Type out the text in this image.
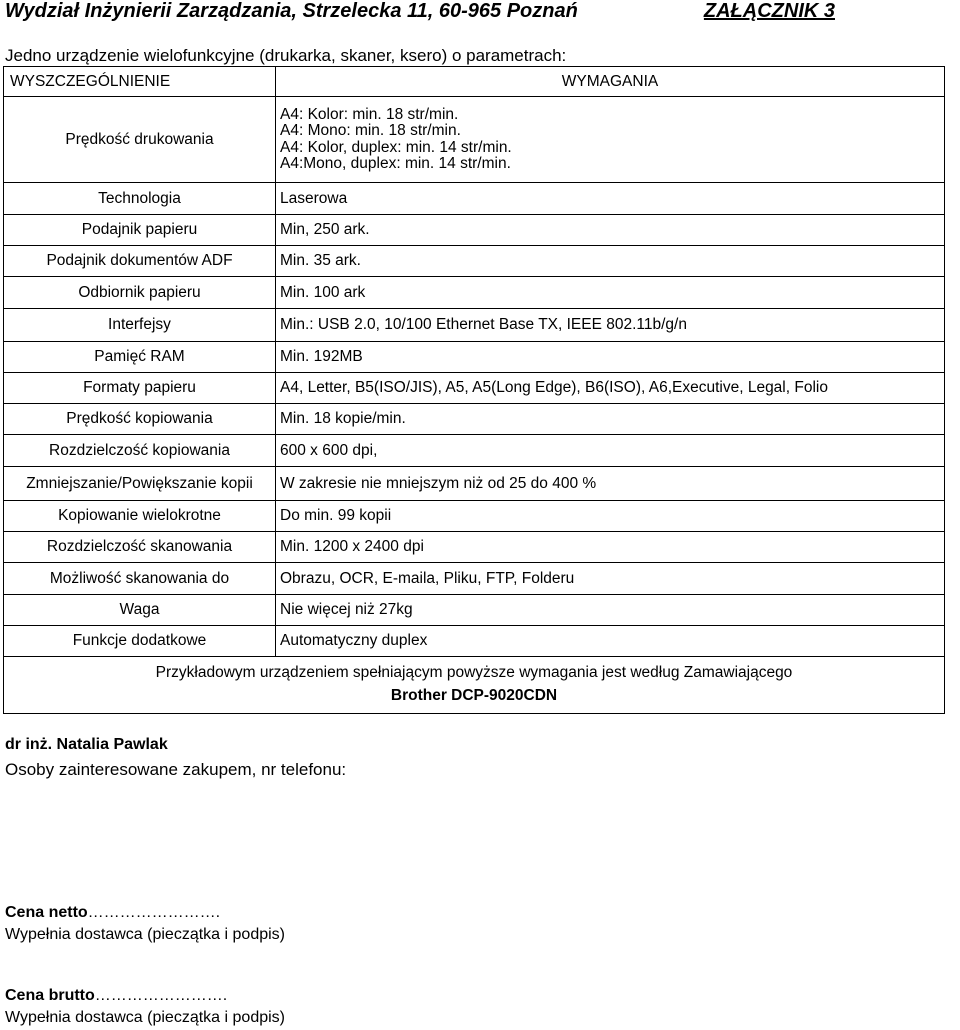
Wydział Inżynierii Zarządzania, Strzelecka 11, 60-965 Poznań	ZAŁĄCZNIK 3
Jedno urządzenie wielofunkcyjne (drukarka, skaner, ksero) o parametrach:
WYSZCZEGÓLNIENIE	WYMAGANIA
Prędkość drukowania	A4: Kolor: min. 18 str/min.
A4: Mono: min. 18 str/min.
A4: Kolor, duplex: min. 14 str/min.
A4:Mono, duplex: min. 14 str/min.

Technologia	Laserowa
Podajnik papieru	Min, 250 ark.
Podajnik dokumentów ADF	Min. 35 ark.
Odbiornik papieru	Min. 100 ark
Interfejsy	Min.: USB 2.0, 10/100 Ethernet Base TX, IEEE 802.11b/g/n
Pamięć RAM	Min. 192MB
Formaty papieru	A4, Letter, B5(ISO/JIS), A5, A5(Long Edge), B6(ISO), A6,Executive, Legal, Folio
Prędkość kopiowania	Min. 18 kopie/min.
Rozdzielczość kopiowania	600 x 600 dpi,
Zmniejszanie/Powiększanie kopii	W zakresie nie mniejszym niż od 25 do 400 %
Kopiowanie wielokrotne	Do min. 99 kopii
Rozdzielczość skanowania	Min. 1200 x 2400 dpi
Możliwość skanowania do	Obrazu, OCR, E-maila, Pliku, FTP, Folderu
Waga	Nie więcej niż 27kg
Funkcje dodatkowe	Automatyczny duplex
Przykładowym urządzeniem spełniającym powyższe wymagania jest według Zamawiającego
Brother DCP-9020CDN	
dr inż. Natalia Pawlak
Osoby zainteresowane zakupem, nr telefonu:
Cena netto…………………….
Wypełnia dostawca (pieczątka i podpis)
Cena brutto…………………….
Wypełnia dostawca (pieczątka i podpis)
